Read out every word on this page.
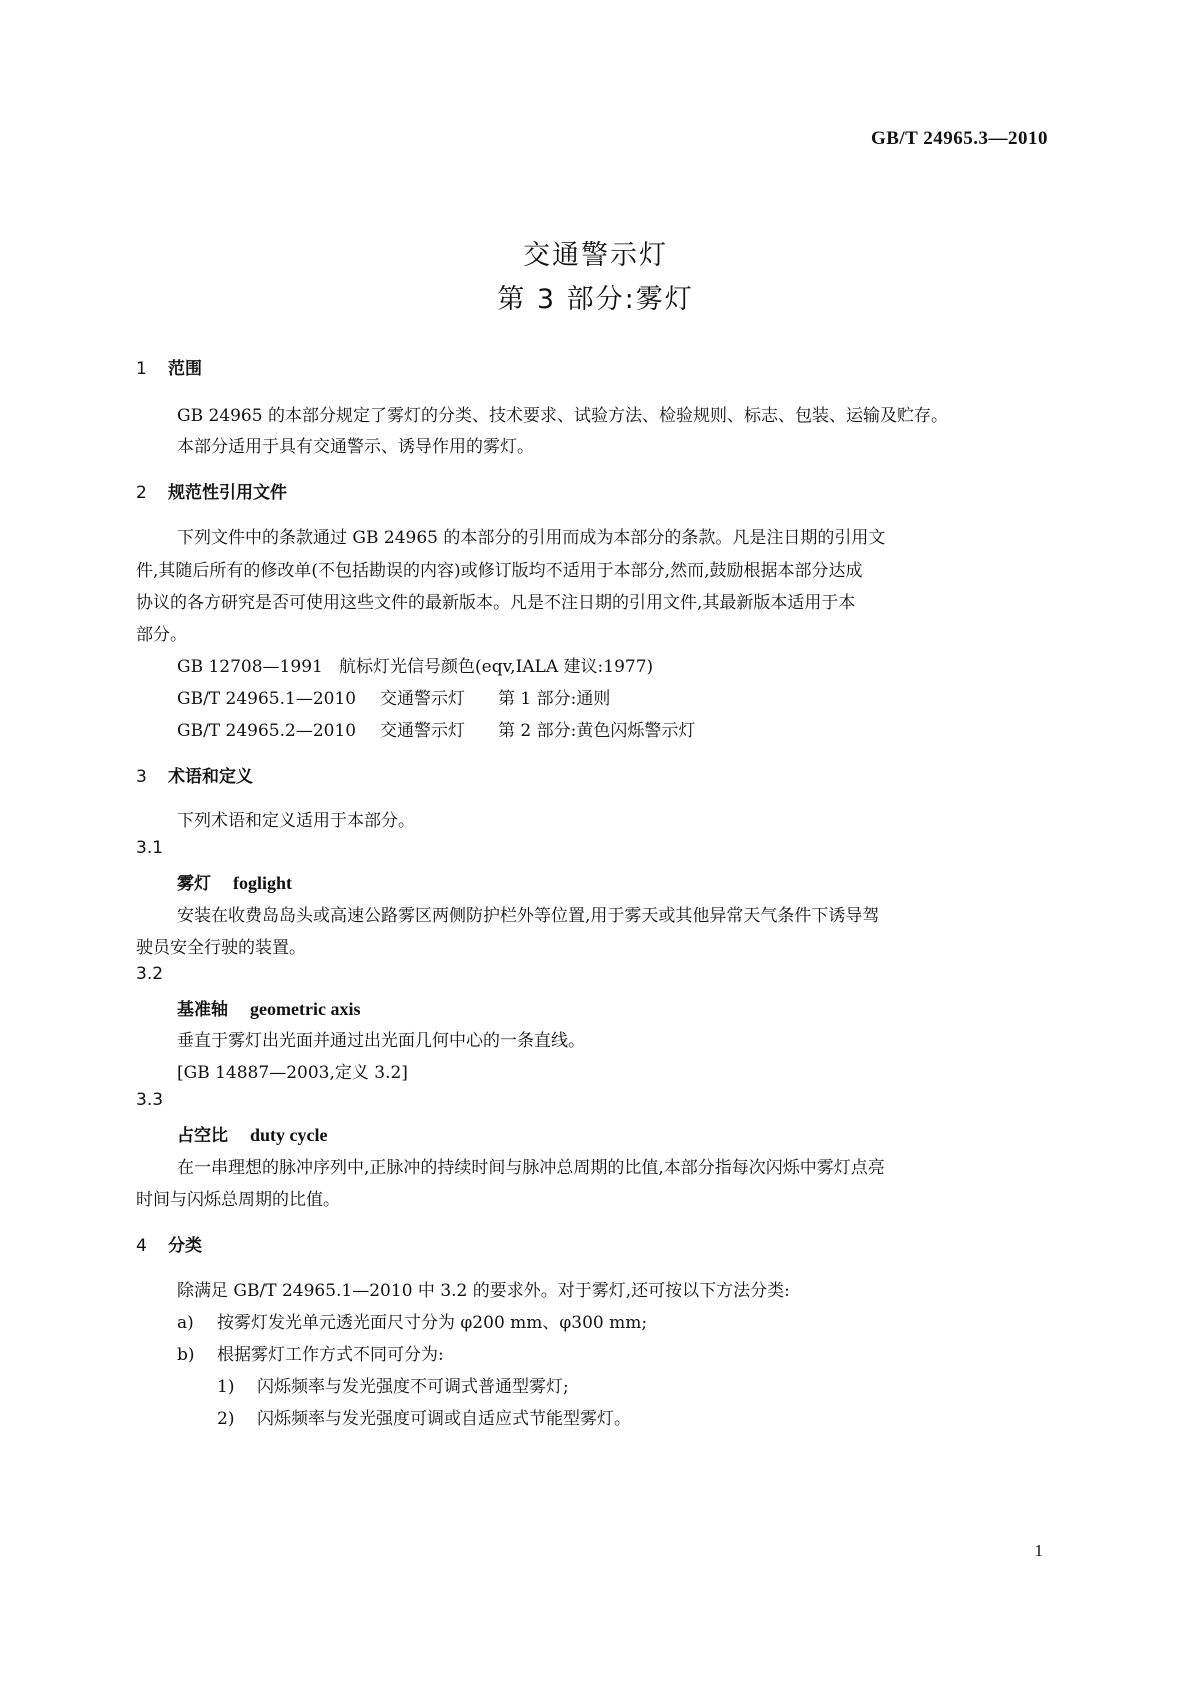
GB/T 24965.3—2010
交通警示灯
第 3 部分:雾灯
1 范围
GB 24965 的本部分规定了雾灯的分类、技术要求、试验方法、检验规则、标志、包装、运输及贮存。
本部分适用于具有交通警示、诱导作用的雾灯。
2 规范性引用文件
下列文件中的条款通过 GB 24965 的本部分的引用而成为本部分的条款。凡是注日期的引用文
件,其随后所有的修改单(不包括勘误的内容)或修订版均不适用于本部分,然而,鼓励根据本部分达成
协议的各方研究是否可使用这些文件的最新版本。凡是不注日期的引用文件,其最新版本适用于本
部分。
GB 12708—1991 航标灯光信号颜色(eqv,IALA 建议:1977)
GB/T 24965.1—2010 交通警示灯 第 1 部分:通则
GB/T 24965.2—2010 交通警示灯 第 2 部分:黄色闪烁警示灯
3 术语和定义
下列术语和定义适用于本部分。
3.1
雾灯 foglight
安装在收费岛岛头或高速公路雾区两侧防护栏外等位置,用于雾天或其他异常天气条件下诱导驾
驶员安全行驶的装置。
3.2
基准轴 geometric axis
垂直于雾灯出光面并通过出光面几何中心的一条直线。
[GB 14887—2003,定义 3.2]
3.3
占空比 duty cycle
在一串理想的脉冲序列中,正脉冲的持续时间与脉冲总周期的比值,本部分指每次闪烁中雾灯点亮
时间与闪烁总周期的比值。
4 分类
除满足 GB/T 24965.1—2010 中 3.2 的要求外。对于雾灯,还可按以下方法分类:
a) 按雾灯发光单元透光面尺寸分为 φ200 mm、φ300 mm;
b) 根据雾灯工作方式不同可分为:
1) 闪烁频率与发光强度不可调式普通型雾灯;
2) 闪烁频率与发光强度可调或自适应式节能型雾灯。
1
